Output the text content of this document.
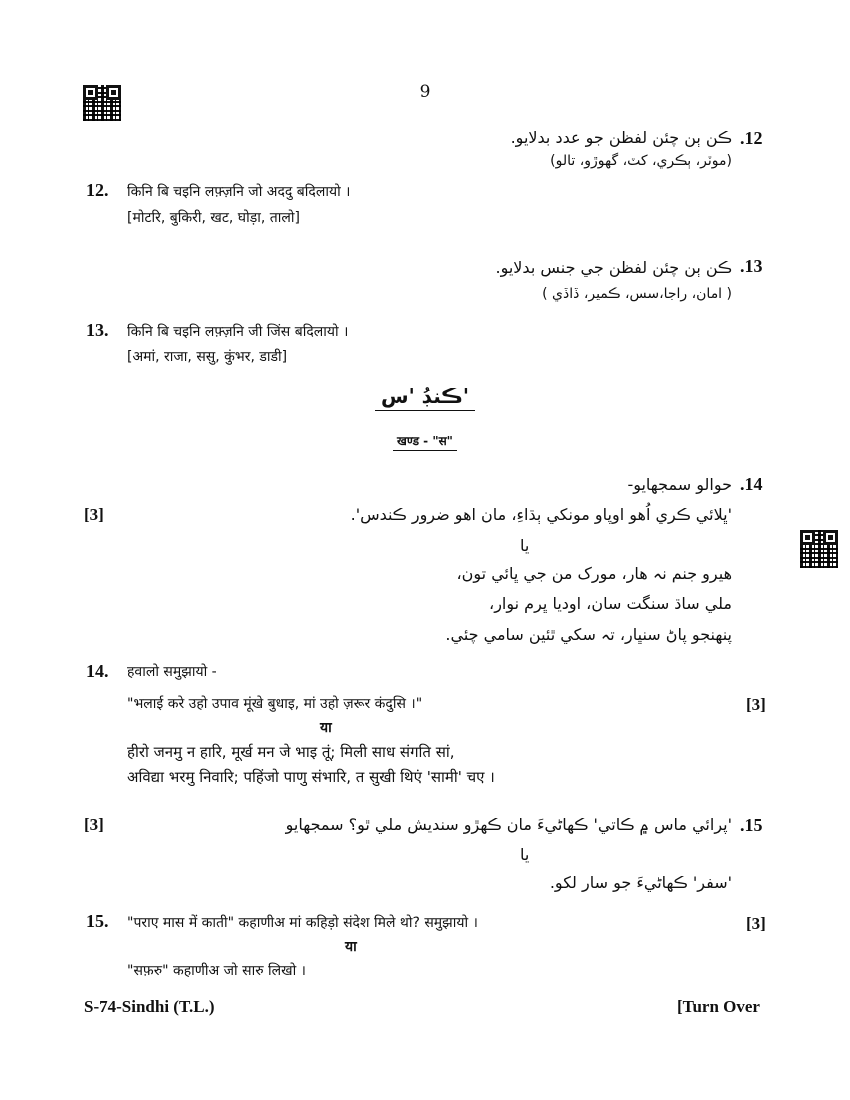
9
.12
ڪن ٻن چئن لفظن جو عدد بدلايو.
(موٽر، ٻڪري، کٽ، گهوڙو، تالو)
12. किनि बि चइनि लफ़्ज़नि जो अददु बदिलायो ।
[मोटरि, बुकिरी, खट, घोड़ा, तालो]
.13
ڪن ٻن چئن لفظن جي جنس بدلايو.
( امان، راجا،سس، ڪمير، ڏاڏي )
13. किनि बि चइनि लफ़्ज़नि जी जिंस बदिलायो ।
[अमां, राजा, ससु, कुंभर, डाडी]
ڪنڊُ 'س'
खण्ड - "स"
.14
حوالو سمجهايو-
[3]	'ڀلائي ڪري اُهو اوپاو مونکي ٻڌاءِ، مان اهو ضرور ڪندس'.
يا
هيرو جنم نہ هار، مورک من جي ڀائي تون،
ملي ساڌ سنگت سان، اوديا ڀرم نوار،
پنهنجو پاڻ سنڀار، تہ سکي ٿئين سامي چئي.
14. हवालो समुझायो -
"भलाई करे उहो उपाव मूंखे बुधाइ, मां उहो ज़रूर कंदुसि ।"	[3]
या
हीरो जनमु न हारि, मूर्ख मन जे भाइ तूं; मिली साध संगति सां,
अविद्या भरमु निवारि; पहिंजो पाणु संभारि, त सुखी थिएं 'सामी' चए ।
[3]	.15
'پرائي ماس ۾ ڪاتي' ڪهاڻيءَ مان ڪهڙو سنديش ملي ٿو؟ سمجهايو
يا
'سفر' ڪهاڻيءَ جو سار لکو.
15. "पराए मास में काती" कहाणीअ मां कहिड़ो संदेश मिले थो? समुझायो ।	[3]
या
"सफ़रु" कहाणीअ जो सारु लिखो ।
S-74-Sindhi (T.L.)	[Turn Over
